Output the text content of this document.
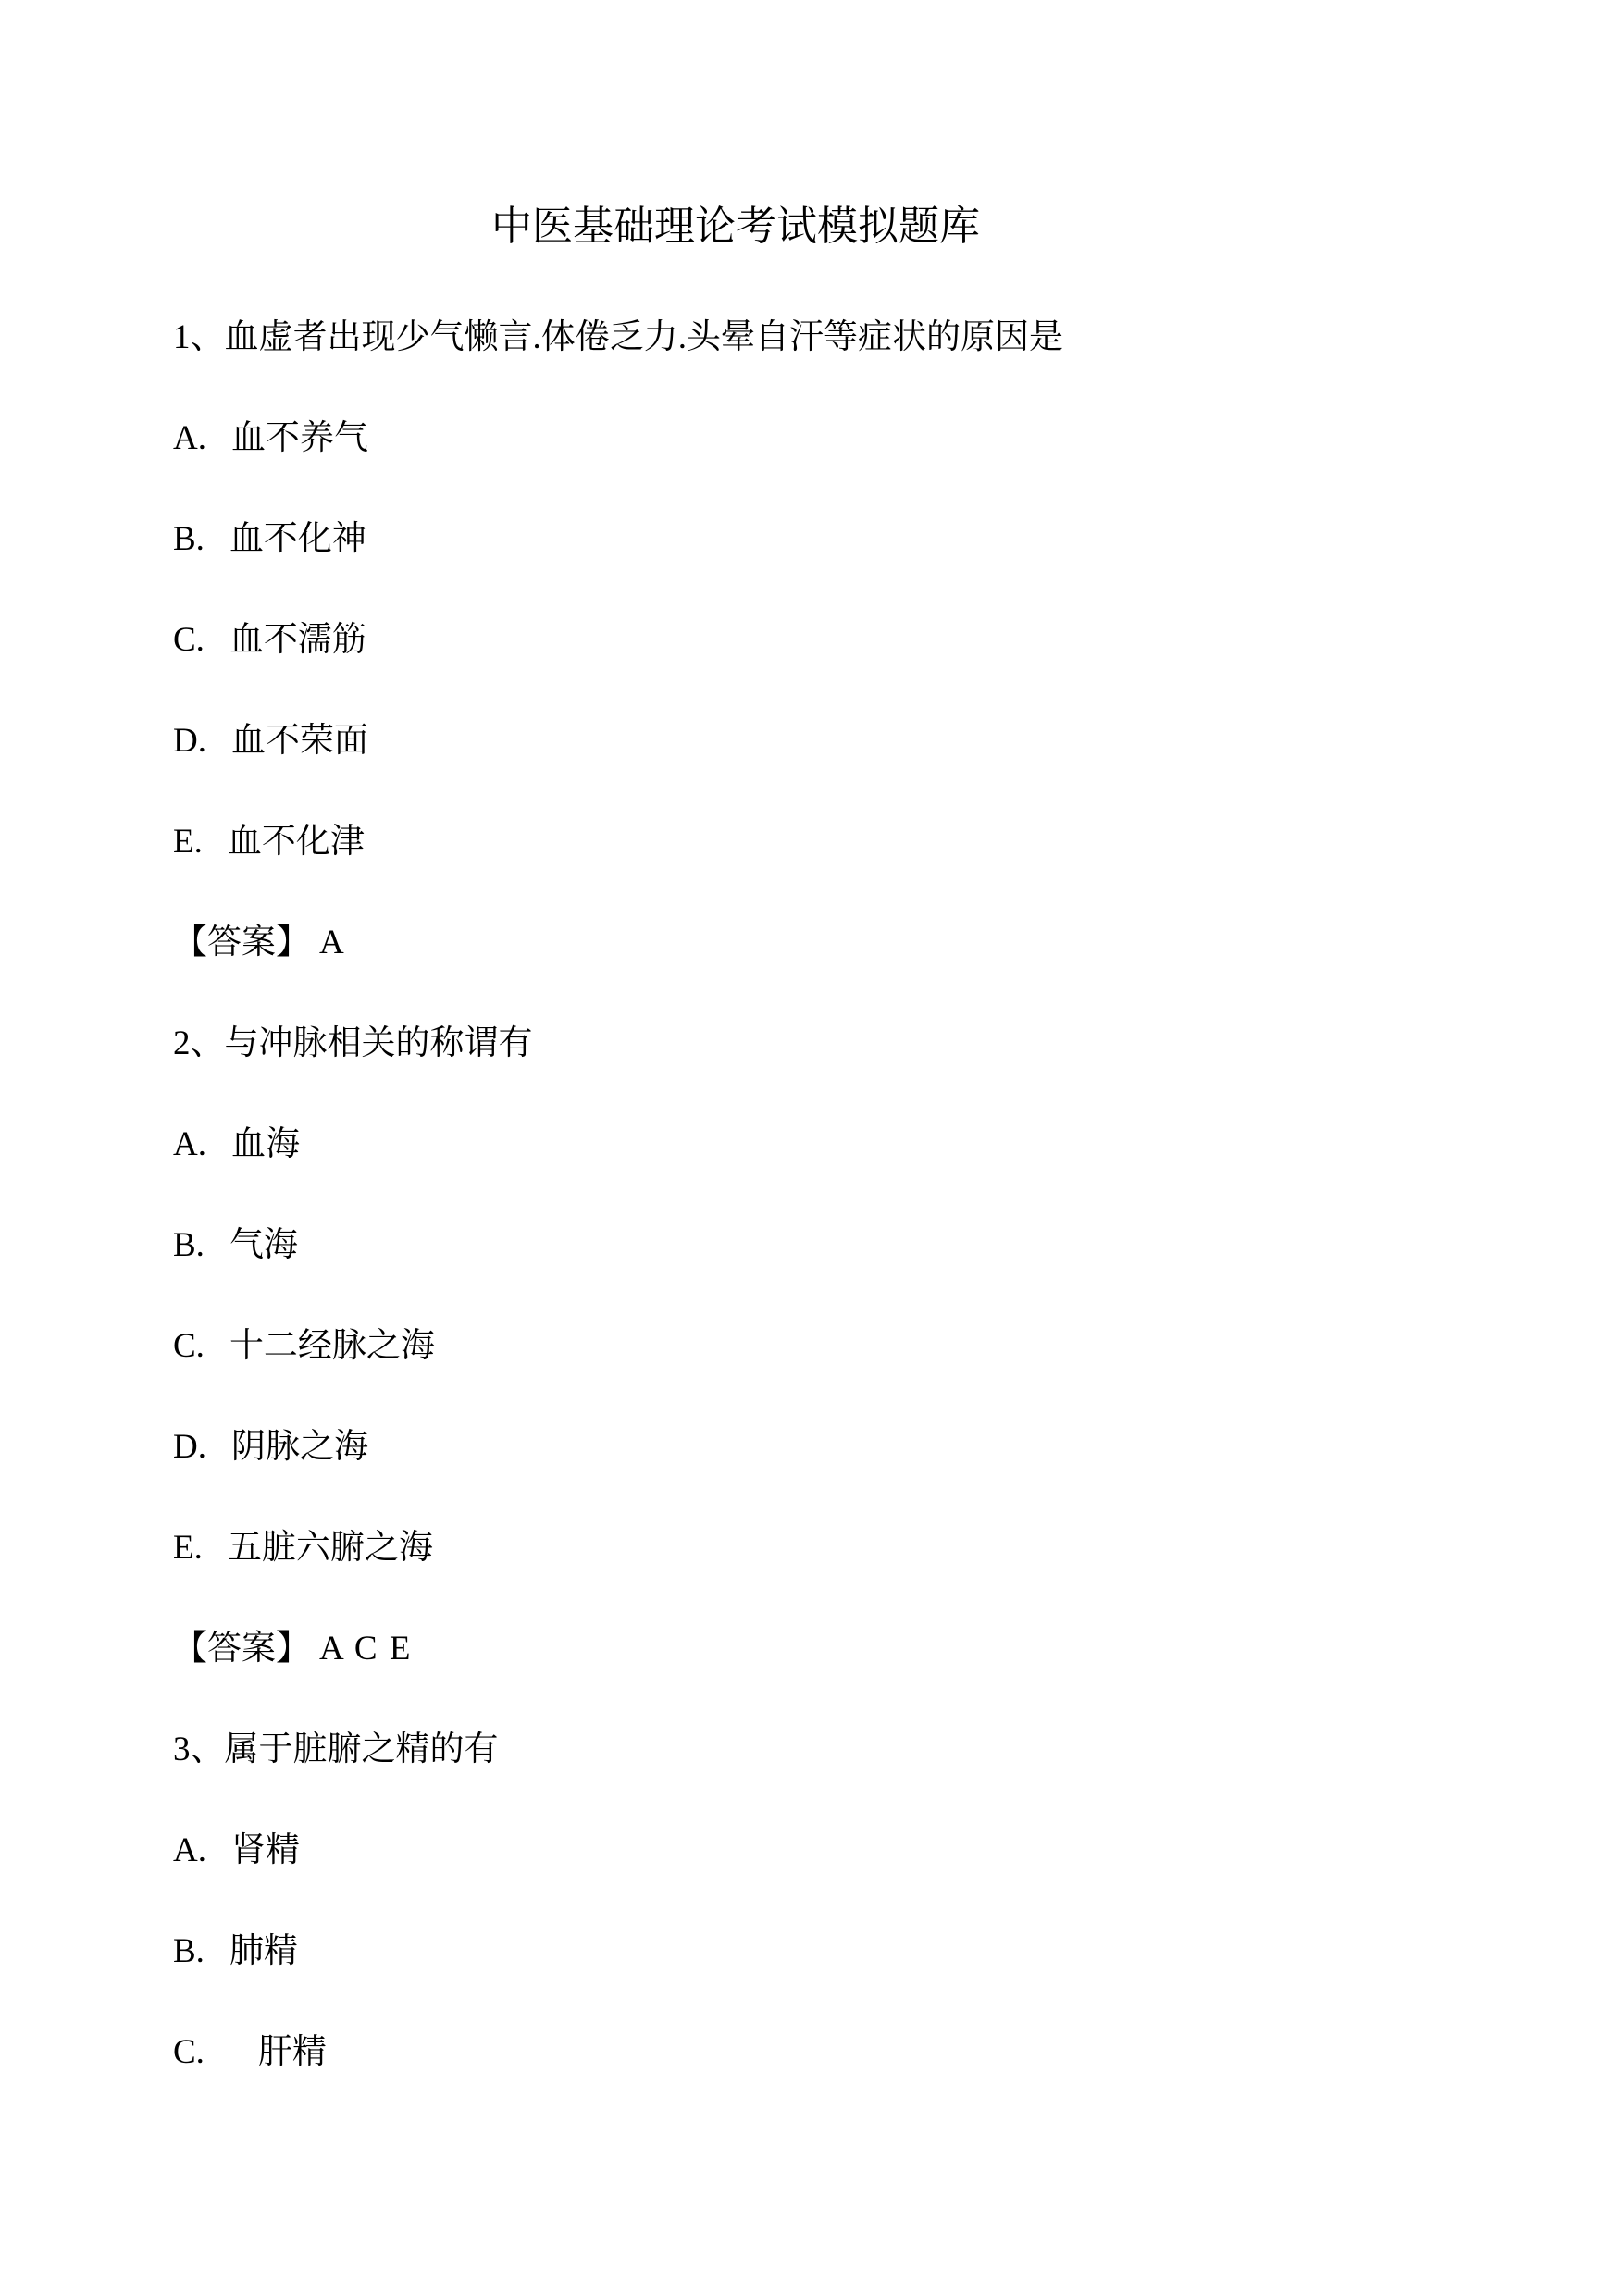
中医基础理论考试模拟题库
1、血虚者出现少气懒言.体倦乏力.头晕自汗等症状的原因是
A. 血不养气
B. 血不化神
C. 血不濡筋
D. 血不荣面
E. 血不化津
【答案】 A
2、与冲脉相关的称谓有
A. 血海
B. 气海
C. 十二经脉之海
D. 阴脉之海
E. 五脏六腑之海
【答案】 A C E
3、属于脏腑之精的有
A. 肾精
B. 肺精
C. 肝精
